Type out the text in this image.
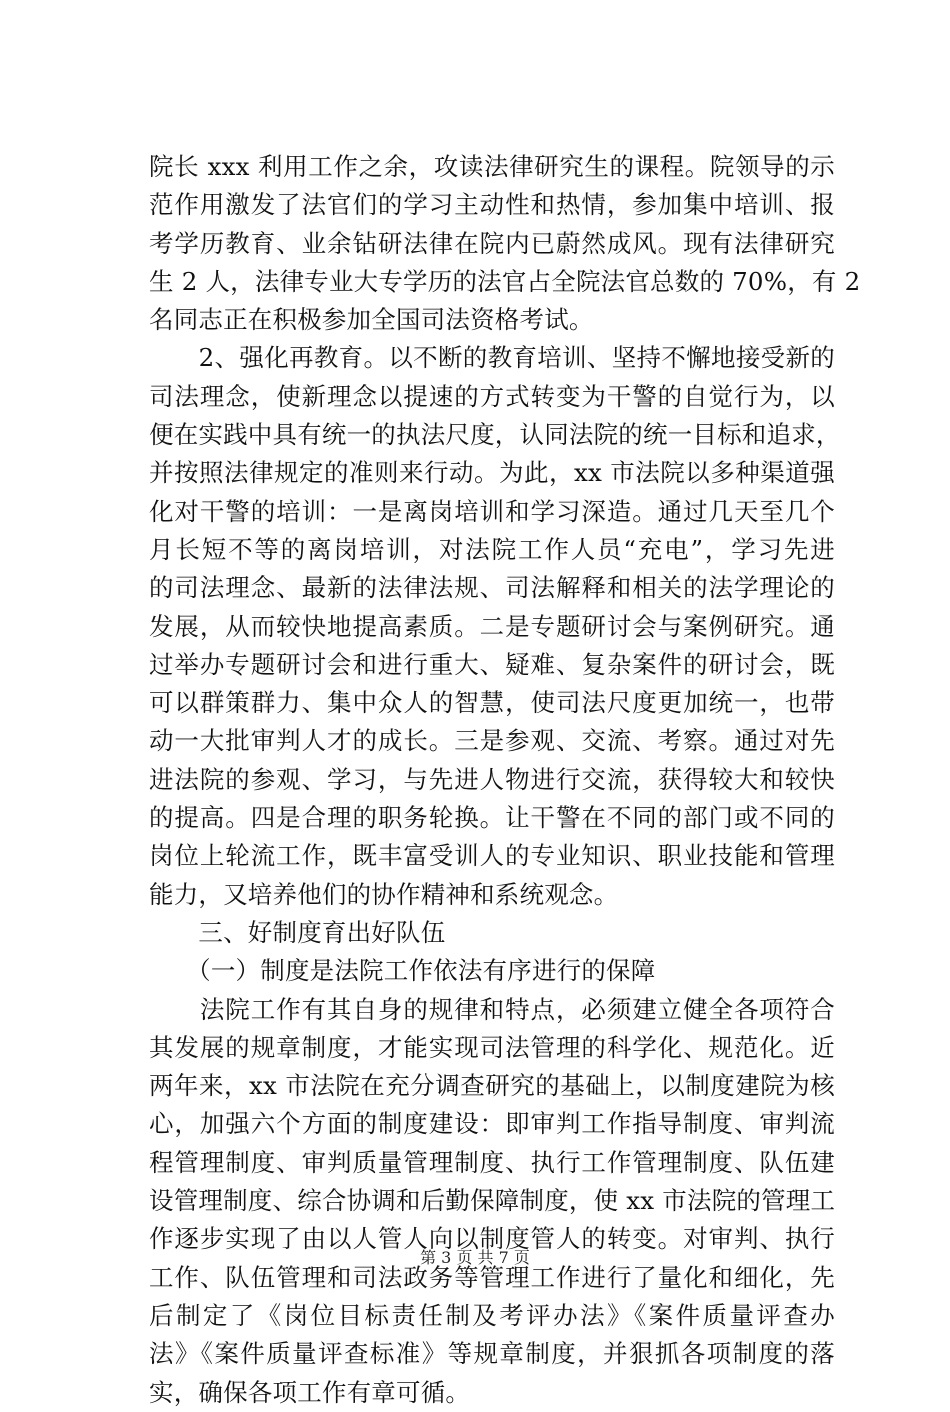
院长 xxx 利用工作之余，攻读法律研究生的课程。院领导的示
范作用激发了法官们的学习主动性和热情，参加集中培训、报
考学历教育、业余钻研法律在院内已蔚然成风。现有法律研究
生 2 人，法律专业大专学历的法官占全院法官总数的 70%，有 2
名同志正在积极参加全国司法资格考试。
　　2、强化再教育。以不断的教育培训、坚持不懈地接受新的
司法理念，使新理念以提速的方式转变为干警的自觉行为，以
便在实践中具有统一的执法尺度，认同法院的统一目标和追求，
并按照法律规定的准则来行动。为此，xx 市法院以多种渠道强
化对干警的培训：一是离岗培训和学习深造。通过几天至几个
月长短不等的离岗培训，对法院工作人员“充电”，学习先进
的司法理念、最新的法律法规、司法解释和相关的法学理论的
发展，从而较快地提高素质。二是专题研讨会与案例研究。通
过举办专题研讨会和进行重大、疑难、复杂案件的研讨会，既
可以群策群力、集中众人的智慧，使司法尺度更加统一，也带
动一大批审判人才的成长。三是参观、交流、考察。通过对先
进法院的参观、学习，与先进人物进行交流，获得较大和较快
的提高。四是合理的职务轮换。让干警在不同的部门或不同的
岗位上轮流工作，既丰富受训人的专业知识、职业技能和管理
能力，又培养他们的协作精神和系统观念。
　　三、好制度育出好队伍
　　（一）制度是法院工作依法有序进行的保障
　　法院工作有其自身的规律和特点，必须建立健全各项符合
其发展的规章制度，才能实现司法管理的科学化、规范化。近
两年来，xx 市法院在充分调查研究的基础上，以制度建院为核
心，加强六个方面的制度建设：即审判工作指导制度、审判流
程管理制度、审判质量管理制度、执行工作管理制度、队伍建
设管理制度、综合协调和后勤保障制度，使 xx 市法院的管理工
作逐步实现了由以人管人向以制度管人的转变。对审判、执行
工作、队伍管理和司法政务等管理工作进行了量化和细化，先
后制定了《岗位目标责任制及考评办法》《案件质量评查办
法》《案件质量评查标准》等规章制度，并狠抓各项制度的落
实，确保各项工作有章可循。
第 3 页 共 7 页
